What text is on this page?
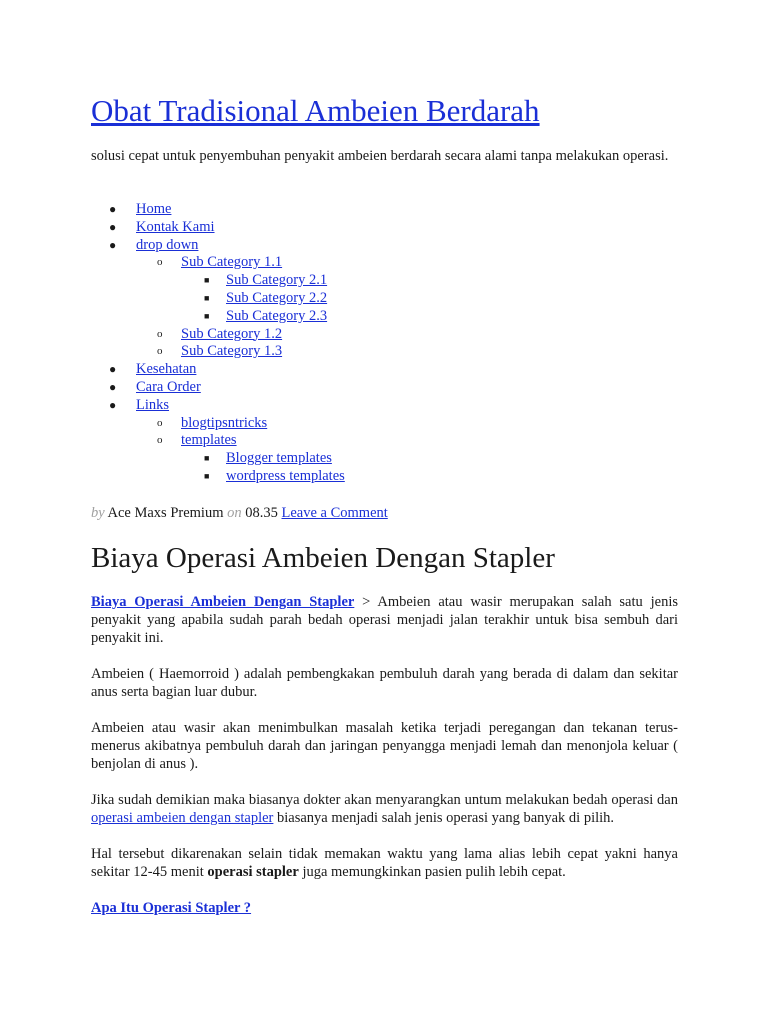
Obat Tradisional Ambeien Berdarah

solusi cepat untuk penyembuhan penyakit ambeien berdarah secara alami tanpa melakukan operasi.

● Home
● Kontak Kami
● drop down
o Sub Category 1.1
■ Sub Category 2.1
■ Sub Category 2.2
■ Sub Category 2.3
o Sub Category 1.2
o Sub Category 1.3
● Kesehatan
● Cara Order
● Links
o blogtipsntricks
o templates
■ Blogger templates
■ wordpress templates
by Ace Maxs Premium on 08.35 Leave a Comment
Biaya Operasi Ambeien Dengan Stapler

Biaya Operasi Ambeien Dengan Stapler > Ambeien atau wasir merupakan salah satu jenis penyakit yang apabila sudah parah bedah operasi menjadi jalan terakhir untuk bisa sembuh dari penyakit ini.

Ambeien ( Haemorroid ) adalah pembengkakan pembuluh darah yang berada di dalam dan sekitar anus serta bagian luar dubur.

Ambeien atau wasir akan menimbulkan masalah ketika terjadi peregangan dan tekanan terus-menerus akibatnya pembuluh darah dan jaringan penyangga menjadi lemah dan menonjola keluar ( benjolan di anus ).

Jika sudah demikian maka biasanya dokter akan menyarangkan untum melakukan bedah operasi dan operasi ambeien dengan stapler biasanya menjadi salah jenis operasi yang banyak di pilih.

Hal tersebut dikarenakan selain tidak memakan waktu yang lama alias lebih cepat yakni hanya sekitar 12-45 menit operasi stapler juga memungkinkan pasien pulih lebih cepat.

Apa Itu Operasi Stapler ?
